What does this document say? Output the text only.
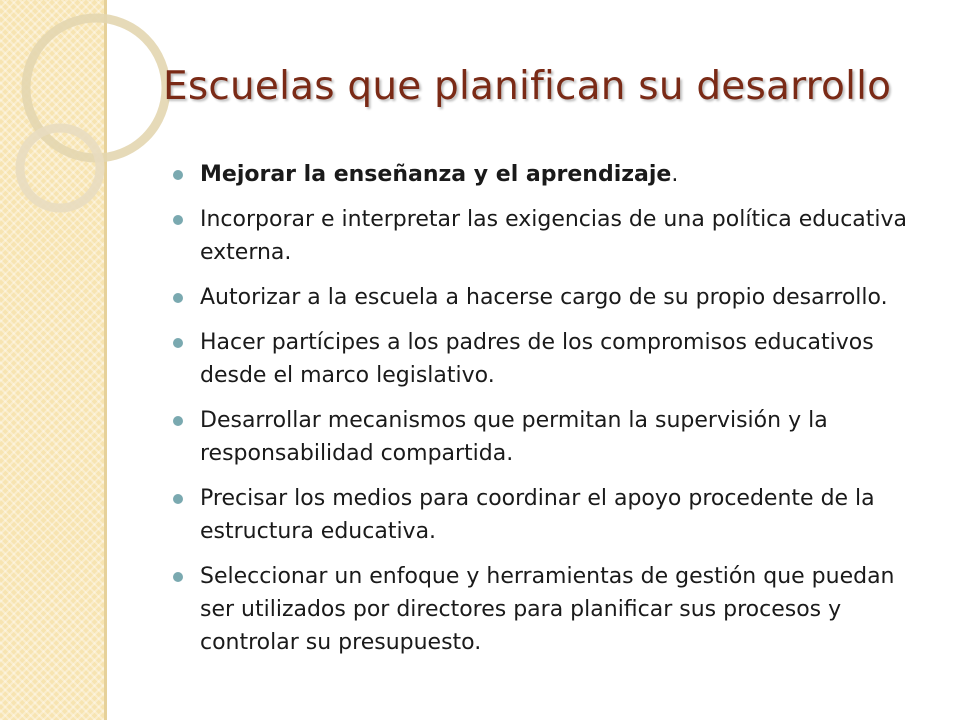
Escuelas que planifican su desarrollo
Mejorar la enseñanza y el aprendizaje.
Incorporar e interpretar las exigencias de una política educativa externa.
Autorizar a la escuela a hacerse cargo de su propio desarrollo.
Hacer partícipes a los padres de los compromisos educativos desde el marco legislativo.
Desarrollar mecanismos que permitan la supervisión y la responsabilidad compartida.
Precisar los medios para coordinar el apoyo procedente de la estructura educativa.
Seleccionar un enfoque y herramientas de gestión que puedan ser utilizados por directores para planificar sus procesos y controlar su presupuesto.
